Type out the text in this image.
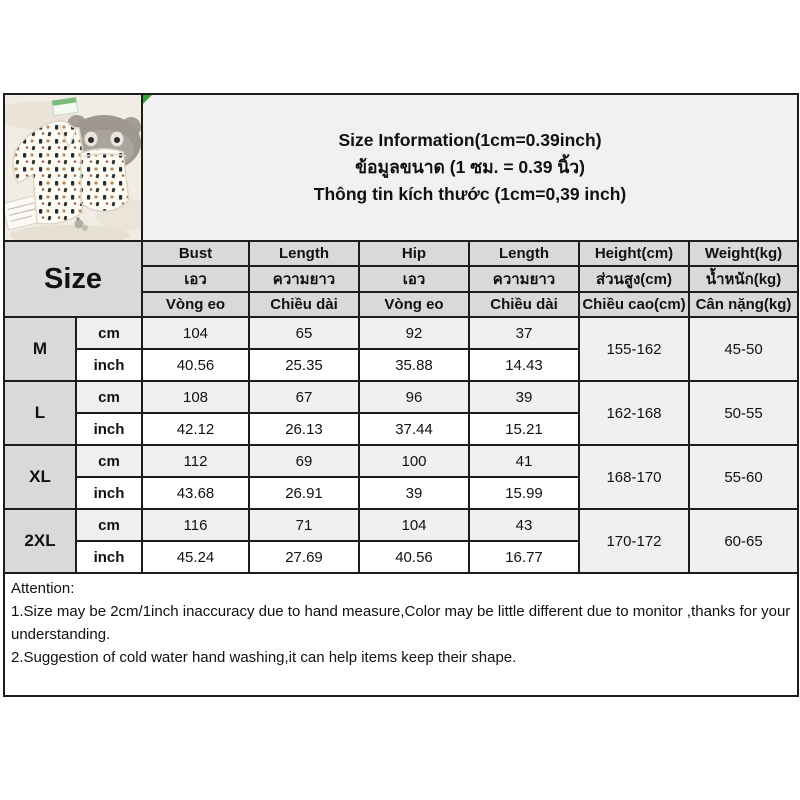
Size Information(1cm=0.39inch)
ข้อมูลขนาด (1 ซม. = 0.39 นิ้ว)
Thông tin kích thước (1cm=0,39 inch)					

Size		Bust	Length	Hip	Length	Height(cm)	Weight(kg)
		เอว	ความยาว	เอว	ความยาว	ส่วนสูง(cm)	น้ำหนัก(kg)
		Vòng eo	Chiều dài	Vòng eo	Chiều dài	Chiều cao(cm)	Cân nặng(kg)
M	cm	104	65	92	37	155-162	45-50
	inch	40.56	25.35	35.88	14.43		
L	cm	108	67	96	39	162-168	50-55
	inch	42.12	26.13	37.44	15.21		
XL	cm	112	69	100	41	168-170	55-60
	inch	43.68	26.91	39	15.99		
2XL	cm	116	71	104	43	170-172	60-65
	inch	45.24	27.69	40.56	16.77		

Attention:
1.Size may be 2cm/1inch inaccuracy due to hand measure,Color may be little different due to monitor ,thanks for your understanding.
2.Suggestion of cold water hand washing,it can help items keep their shape.							
